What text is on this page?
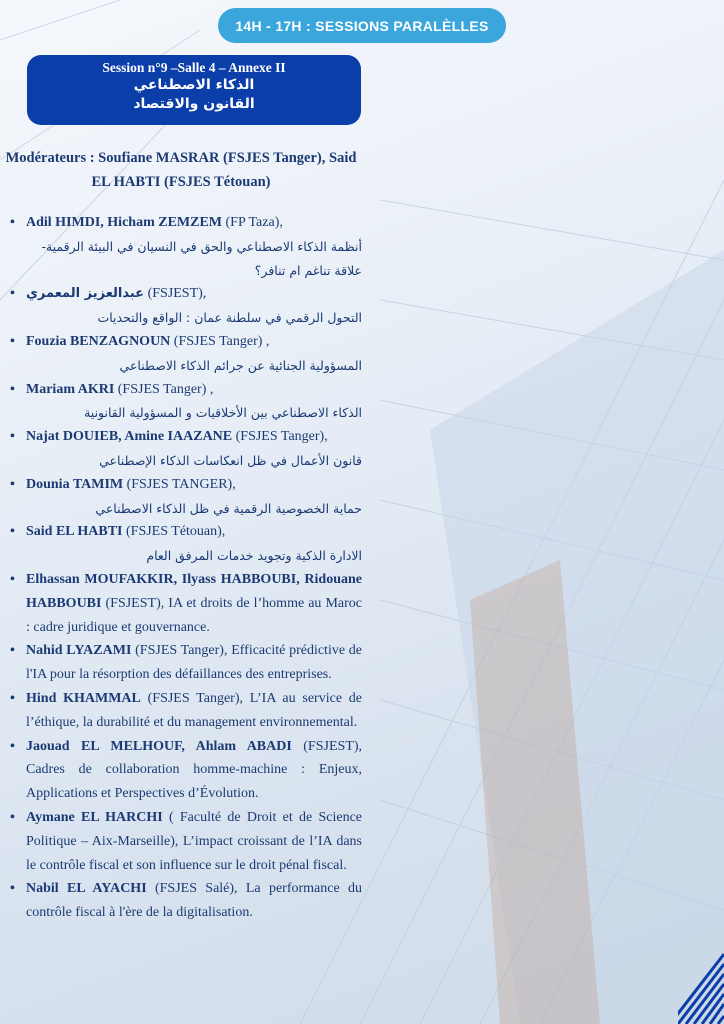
14H - 17H : SESSIONS PARALÈLLES
Session n°9 –Salle 4 – Annexe II
الذكاء الاصطناعي
القانون والاقتصاد
Modérateurs : Soufiane MASRAR (FSJES Tanger), Said
EL HABTI (FSJES Tétouan)
• Adil HIMDI, Hicham ZEMZEM (FP Taza),
أنظمة الذكاء الاصطناعي والحق في النسيان في البيئة الرقمية- علاقة تناغم ام تنافر؟
• عبدالعزيز المعمري (FSJEST),
التحول الرقمي في سلطنة عمان : الواقع والتحديات
• Fouzia BENZAGNOUN (FSJES Tanger) ,
المسؤولية الجنائية عن جرائم الذكاء الاصطناعي
• Mariam AKRI (FSJES Tanger) ,
الذكاء الاصطناعي بين الأخلاقيات و المسؤولية القانونية
• Najat DOUIEB, Amine IAAZANE (FSJES Tanger),
قانون الأعمال في ظل انعكاسات الذكاء الإصطناعي
• Dounia TAMIM (FSJES TANGER),
حماية الخصوصية الرقمية في ظل الذكاء الاصطناعي
• Said EL HABTI (FSJES Tétouan),
الادارة الذكية وتجويد خدمات المرفق العام
• Elhassan MOUFAKKIR, Ilyass HABBOUBI, Ridouane HABBOUBI (FSJEST), IA et droits de l’homme au Maroc : cadre juridique et gouvernance.
• Nahid LYAZAMI (FSJES Tanger), Efficacité prédictive de l'IA pour la résorption des défaillances des entreprises.
• Hind KHAMMAL (FSJES Tanger), L’IA au service de l’éthique, la durabilité et du management environnemental.
• Jaouad EL MELHOUF, Ahlam ABADI (FSJEST), Cadres de collaboration homme-machine : Enjeux, Applications et Perspectives d’Évolution.
• Aymane EL HARCHI ( Faculté de Droit et de Science Politique – Aix-Marseille), L’impact croissant de l’IA dans le contrôle fiscal et son influence sur le droit pénal fiscal.
• Nabil EL AYACHI (FSJES Salé), La performance du contrôle fiscal à l'ère de la digitalisation.
